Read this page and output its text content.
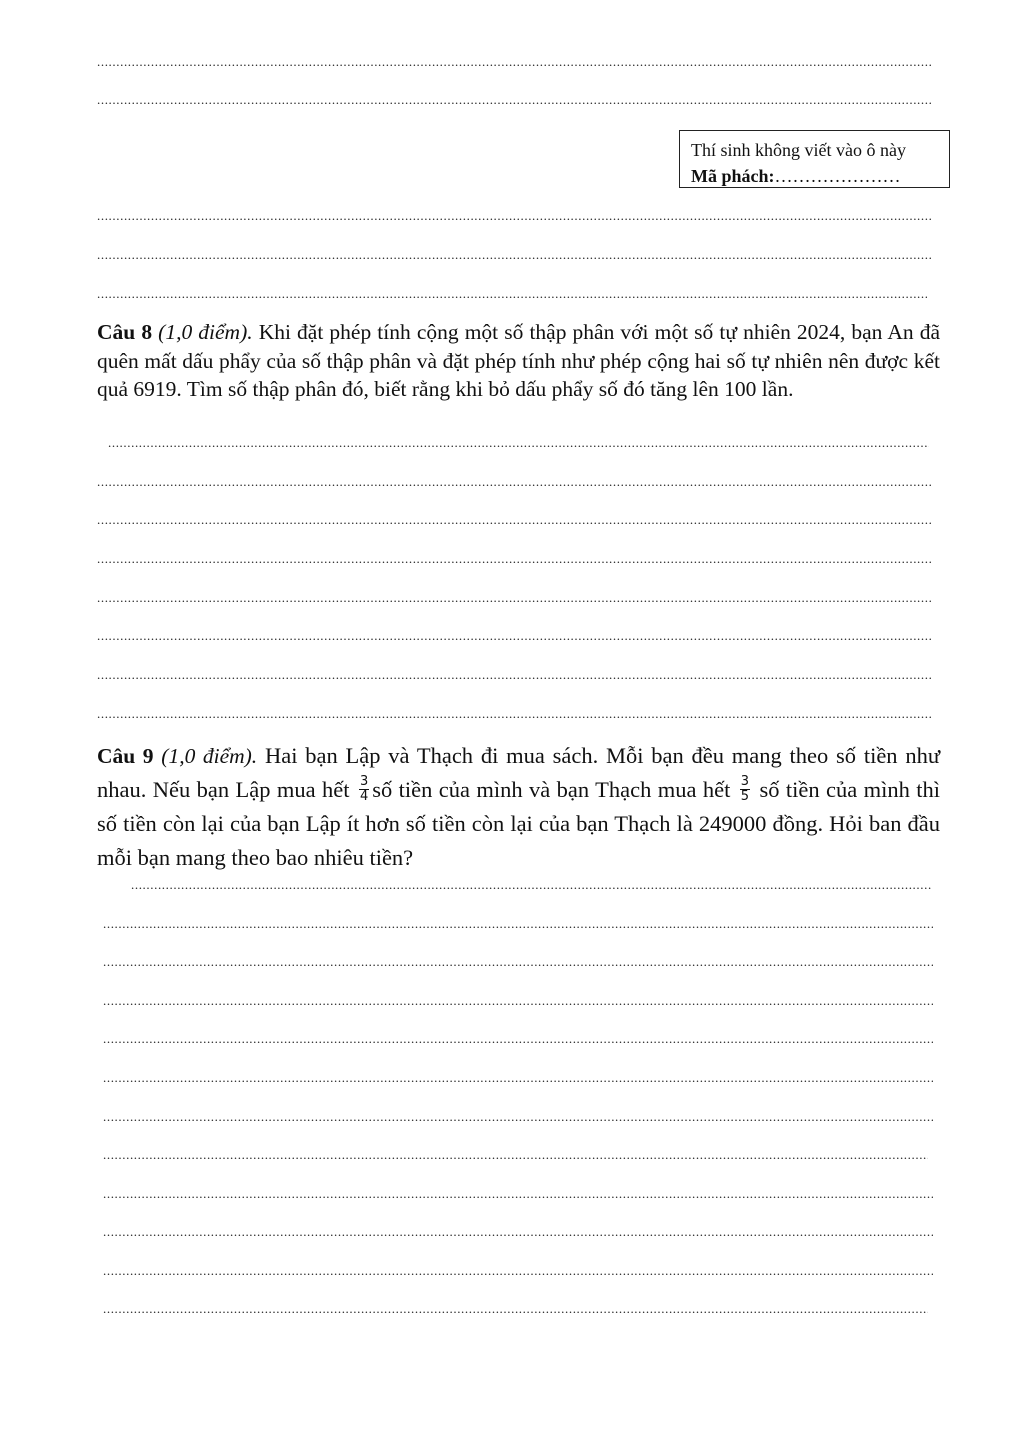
.....
.....
Thí sinh không viết vào ô này
Mã phách:…………………
.....
.....
.....
Câu 8 (1,0 điểm). Khi đặt phép tính cộng một số thập phân với một số tự nhiên 2024, bạn An đã quên mất dấu phẩy của số thập phân và đặt phép tính như phép cộng hai số tự nhiên nên được kết quả 6919. Tìm số thập phân đó, biết rằng khi bỏ dấu phẩy số đó tăng lên 100 lần.
.....
.....
.....
.....
.....
.....
.....
.....
Câu 9 (1,0 điểm). Hai bạn Lập và Thạch đi mua sách. Mỗi bạn đều mang theo số tiền như nhau. Nếu bạn Lập mua hết $\frac{3}{4}$ số tiền của mình và bạn Thạch mua hết $\frac{3}{5}$ số tiền của mình thì số tiền còn lại của bạn Lập ít hơn số tiền còn lại của bạn Thạch là 249000 đồng. Hỏi ban đầu mỗi bạn mang theo bao nhiêu tiền?
.....
.....
.....
.....
.....
.....
.....
.....
.....
.....
.....
.....
